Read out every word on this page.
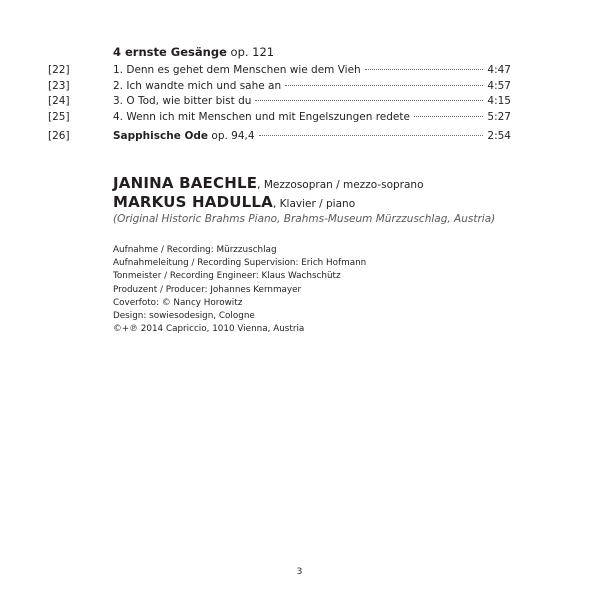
4 ernste Gesänge op. 121
[22]	1. Denn es gehet dem Menschen wie dem Vieh	4:47
[23]	2. Ich wandte mich und sahe an	4:57
[24]	3. O Tod, wie bitter bist du	4:15
[25]	4. Wenn ich mit Menschen und mit Engelszungen redete	5:27
[26]	Sapphische Ode op. 94,4	2:54
JANINA BAECHLE, Mezzosopran / mezzo-soprano
MARKUS HADULLA, Klavier / piano
(Original Historic Brahms Piano, Brahms-Museum Mürzzuschlag, Austria)
Aufnahme / Recording: Mürzzuschlag
Aufnahmeleitung / Recording Supervision: Erich Hofmann
Tonmeister / Recording Engineer: Klaus Wachschütz
Produzent / Producer: Johannes Kernmayer
Coverfoto: © Nancy Horowitz
Design: sowiesodesign, Cologne
©+℗ 2014 Capriccio, 1010 Vienna, Austria
3
